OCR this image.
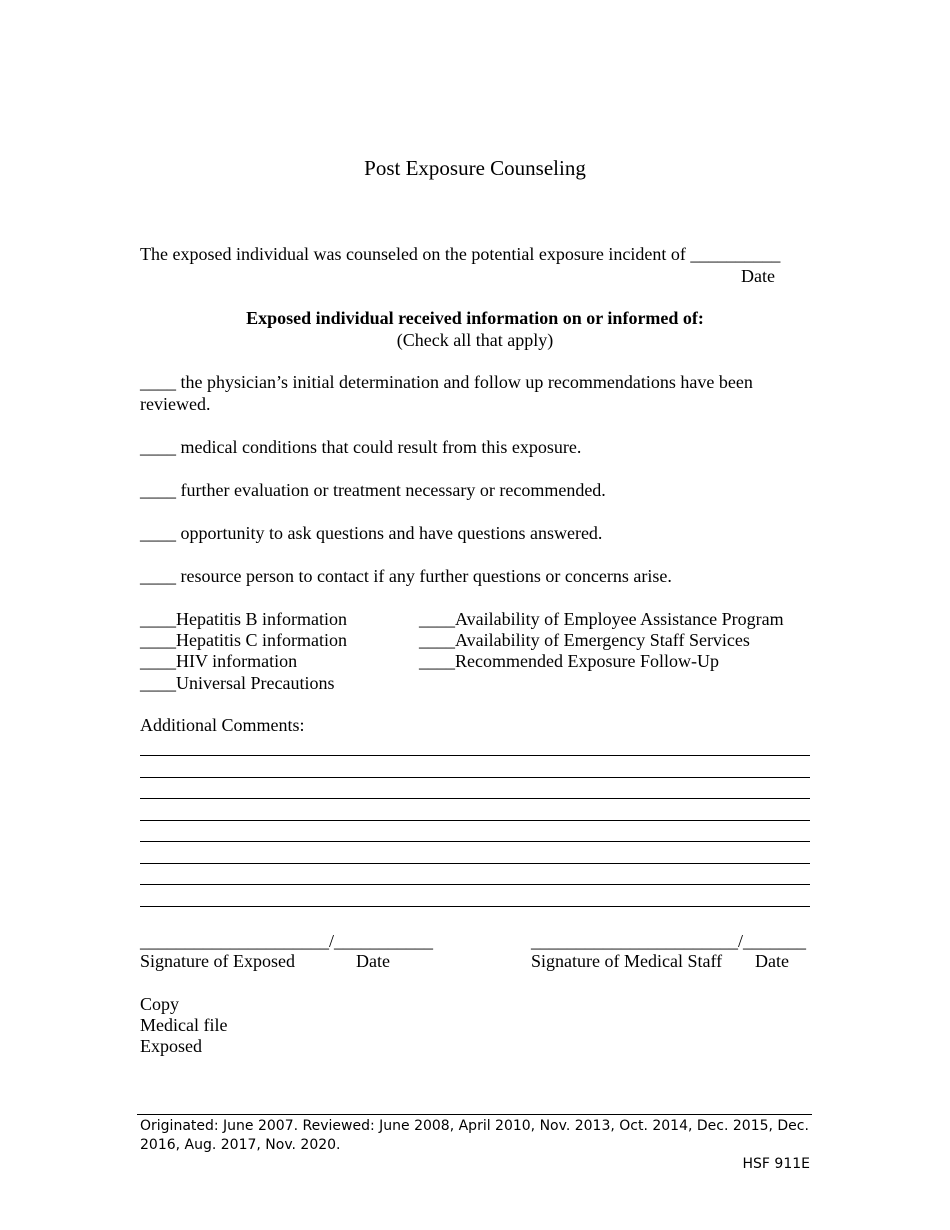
Post Exposure Counseling
The exposed individual was counseled on the potential exposure incident of __________
Date
Exposed individual received information on or informed of:
(Check all that apply)
____ the physician’s initial determination and follow up recommendations have been reviewed.
____ medical conditions that could result from this exposure.
____ further evaluation or treatment necessary or recommended.
____ opportunity to ask questions and have questions answered.
____ resource person to contact if any further questions or concerns arise.
____Hepatitis B information
____Hepatitis C information
____HIV information
____Universal Precautions
____Availability of Employee Assistance Program
____Availability of Emergency Staff Services
____Recommended Exposure Follow-Up
Additional Comments:
_____________________/___________
Signature of Exposed	Date
_______________________/_______
Signature of Medical Staff Date
Copy
Medical file
Exposed
Originated: June 2007. Reviewed: June 2008, April 2010, Nov. 2013, Oct. 2014, Dec. 2015, Dec. 2016, Aug. 2017, Nov. 2020.
HSF 911E
